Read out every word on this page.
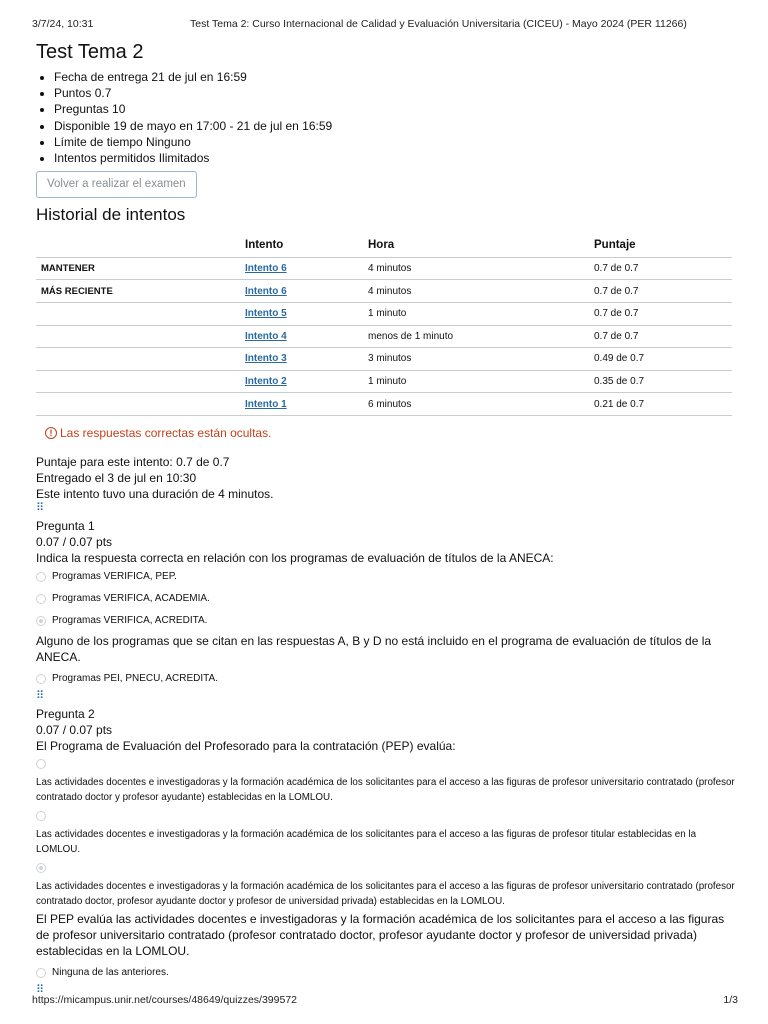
3/7/24, 10:31	Test Tema 2: Curso Internacional de Calidad y Evaluación Universitaria (CICEU) - Mayo 2024 (PER 11266)
Test Tema 2
• Fecha de entrega 21 de jul en 16:59
• Puntos 0.7
• Preguntas 10
• Disponible 19 de mayo en 17:00 - 21 de jul en 16:59
• Límite de tiempo Ninguno
• Intentos permitidos Ilimitados
Volver a realizar el examen
Historial de intentos
	Intento	Hora	Puntaje
MANTENER	Intento 6	4 minutos	0.7 de 0.7
MÁS RECIENTE	Intento 6	4 minutos	0.7 de 0.7
	Intento 5	1 minuto	0.7 de 0.7
	Intento 4	menos de 1 minuto	0.7 de 0.7
	Intento 3	3 minutos	0.49 de 0.7
	Intento 2	1 minuto	0.35 de 0.7
	Intento 1	6 minutos	0.21 de 0.7
! Las respuestas correctas están ocultas.
Puntaje para este intento: 0.7 de 0.7
Entregado el 3 de jul en 10:30
Este intento tuvo una duración de 4 minutos.
⠿
Pregunta 1
0.07 / 0.07 pts
Indica la respuesta correcta en relación con los programas de evaluación de títulos de la ANECA:
Programas VERIFICA, PEP.
Programas VERIFICA, ACADEMIA.
Programas VERIFICA, ACREDITA.
Alguno de los programas que se citan en las respuestas A, B y D no está incluido en el programa de evaluación de títulos de la ANECA.
Programas PEI, PNECU, ACREDITA.
⠿
Pregunta 2
0.07 / 0.07 pts
El Programa de Evaluación del Profesorado para la contratación (PEP) evalúa:
Las actividades docentes e investigadoras y la formación académica de los solicitantes para el acceso a las figuras de profesor universitario contratado (profesor contratado doctor y profesor ayudante) establecidas en la LOMLOU.
Las actividades docentes e investigadoras y la formación académica de los solicitantes para el acceso a las figuras de profesor titular establecidas en la LOMLOU.
Las actividades docentes e investigadoras y la formación académica de los solicitantes para el acceso a las figuras de profesor universitario contratado (profesor contratado doctor, profesor ayudante doctor y profesor de universidad privada) establecidas en la LOMLOU.
El PEP evalúa las actividades docentes e investigadoras y la formación académica de los solicitantes para el acceso a las figuras de profesor universitario contratado (profesor contratado doctor, profesor ayudante doctor y profesor de universidad privada) establecidas en la LOMLOU.
Ninguna de las anteriores.
⠿
https://micampus.unir.net/courses/48649/quizzes/399572	1/3
